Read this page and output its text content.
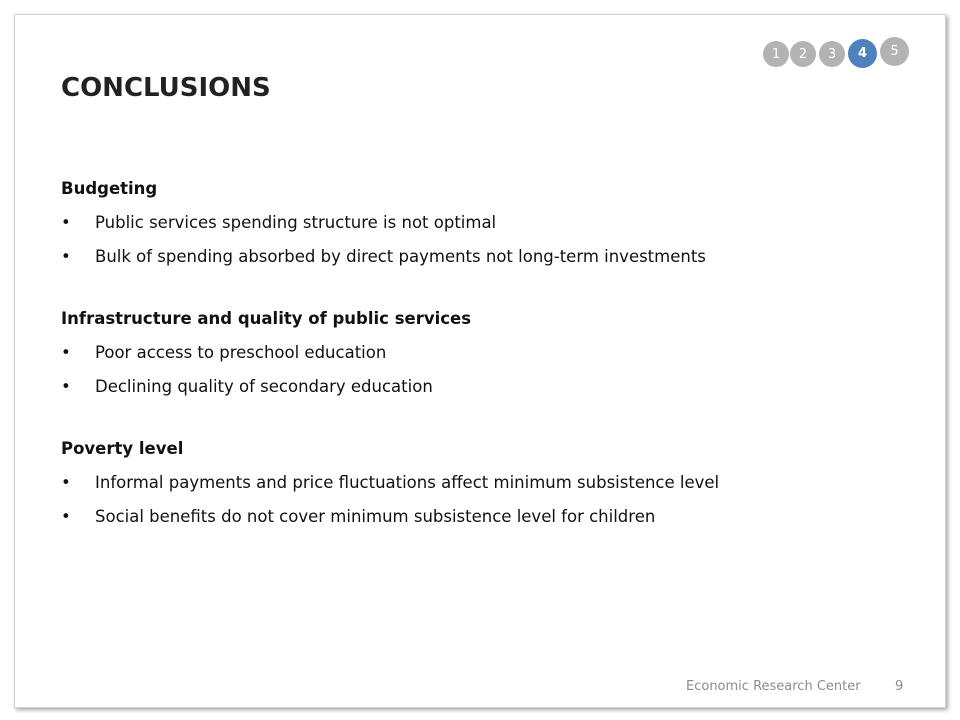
1	2	3	4	5
CONCLUSIONS
Budgeting
• Public services spending structure is not optimal
• Bulk of spending absorbed by direct payments not long-term investments
Infrastructure and quality of public services
• Poor access to preschool education
• Declining quality of secondary education
Poverty level
• Informal payments and price fluctuations affect minimum subsistence level
• Social benefits do not cover minimum subsistence level for children
Economic Research Center	9
